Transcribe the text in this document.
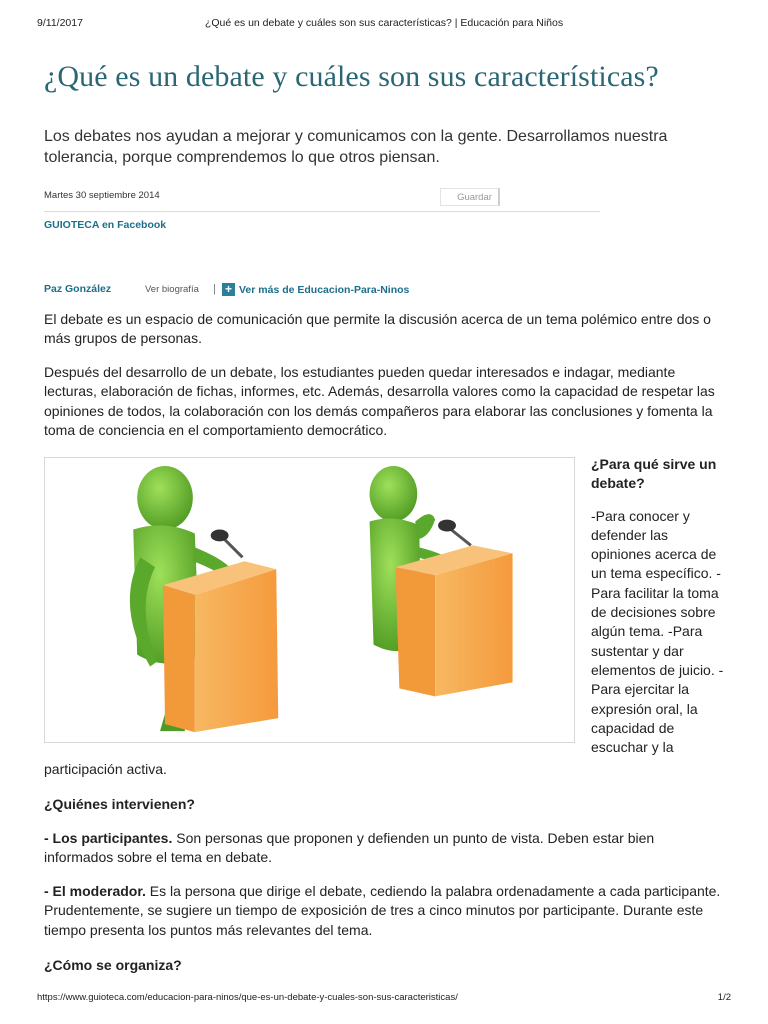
9/11/2017	¿Qué es un debate y cuáles son sus características? | Educación para Niños
¿Qué es un debate y cuáles son sus características?

Los debates nos ayudan a mejorar y comunicamos con la gente. Desarrollamos nuestra tolerancia, porque comprendemos lo que otros piensan.

Martes 30 septiembre 2014	Guardar
GUIOTECA en Facebook
Paz González	Ver biografía | + Ver más de Educacion-Para-Ninos

El debate es un espacio de comunicación que permite la discusión acerca de un tema polémico entre dos o más grupos de personas.

Después del desarrollo de un debate, los estudiantes pueden quedar interesados e indagar, mediante lecturas, elaboración de fichas, informes, etc. Además, desarrolla valores como la capacidad de respetar las opiniones de todos, la colaboración con los demás compañeros para elaborar las conclusiones y fomenta la toma de conciencia en el comportamiento democrático.

¿Para qué sirve un debate?

-Para conocer y defender las opiniones acerca de un tema específico. -Para facilitar la toma de decisiones sobre algún tema. -Para sustentar y dar elementos de juicio. -Para ejercitar la expresión oral, la capacidad de escuchar y la

participación activa.
¿Quiénes intervienen?

- Los participantes. Son personas que proponen y defienden un punto de vista. Deben estar bien informados sobre el tema en debate.

- El moderador. Es la persona que dirige el debate, cediendo la palabra ordenadamente a cada participante. Prudentemente, se sugiere un tiempo de exposición de tres a cinco minutos por participante. Durante este tiempo presenta los puntos más relevantes del tema.

¿Cómo se organiza?
https://www.guioteca.com/educacion-para-ninos/que-es-un-debate-y-cuales-son-sus-caracteristicas/	1/2
